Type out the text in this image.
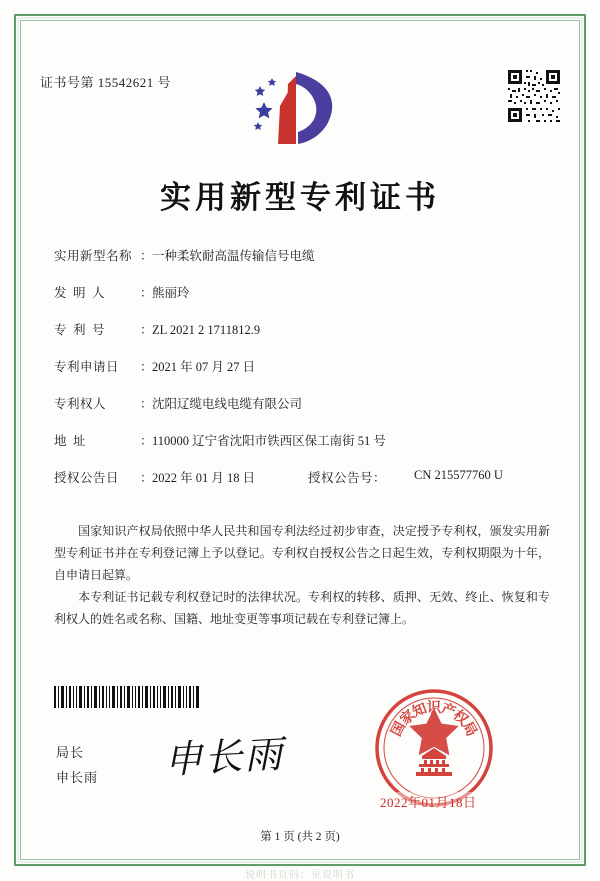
证书号第 15542621 号
实用新型专利证书
实用新型名称 ：一种柔软耐高温传输信号电缆
发明人 ：熊丽玲
专利号 ：ZL 2021 2 1711812.9
专利申请日 ：2021 年 07 月 27 日
专利权人	：沈阳辽缆电线电缆有限公司
地址	：110000 辽宁省沈阳市铁西区保工南街 51 号
授权公告日 ：2022 年 01 月 18 日	授权公告号： CN 215577760 U
国家知识产权局依照中华人民共和国专利法经过初步审查，决定授予专利权，颁发实用新型专利证书并在专利登记簿上予以登记。专利权自授权公告之日起生效，专利权期限为十年，自申请日起算。
本专利证书记载专利权登记时的法律状况。专利权的转移、质押、无效、终止、恢复和专利权人的姓名或名称、国籍、地址变更等事项记载在专利登记簿上。
局长
申长雨 申长雨
国
家
知
识
产
权
局
2022年01月18日
第 1 页 (共 2 页)
说明书页码：见说明书
